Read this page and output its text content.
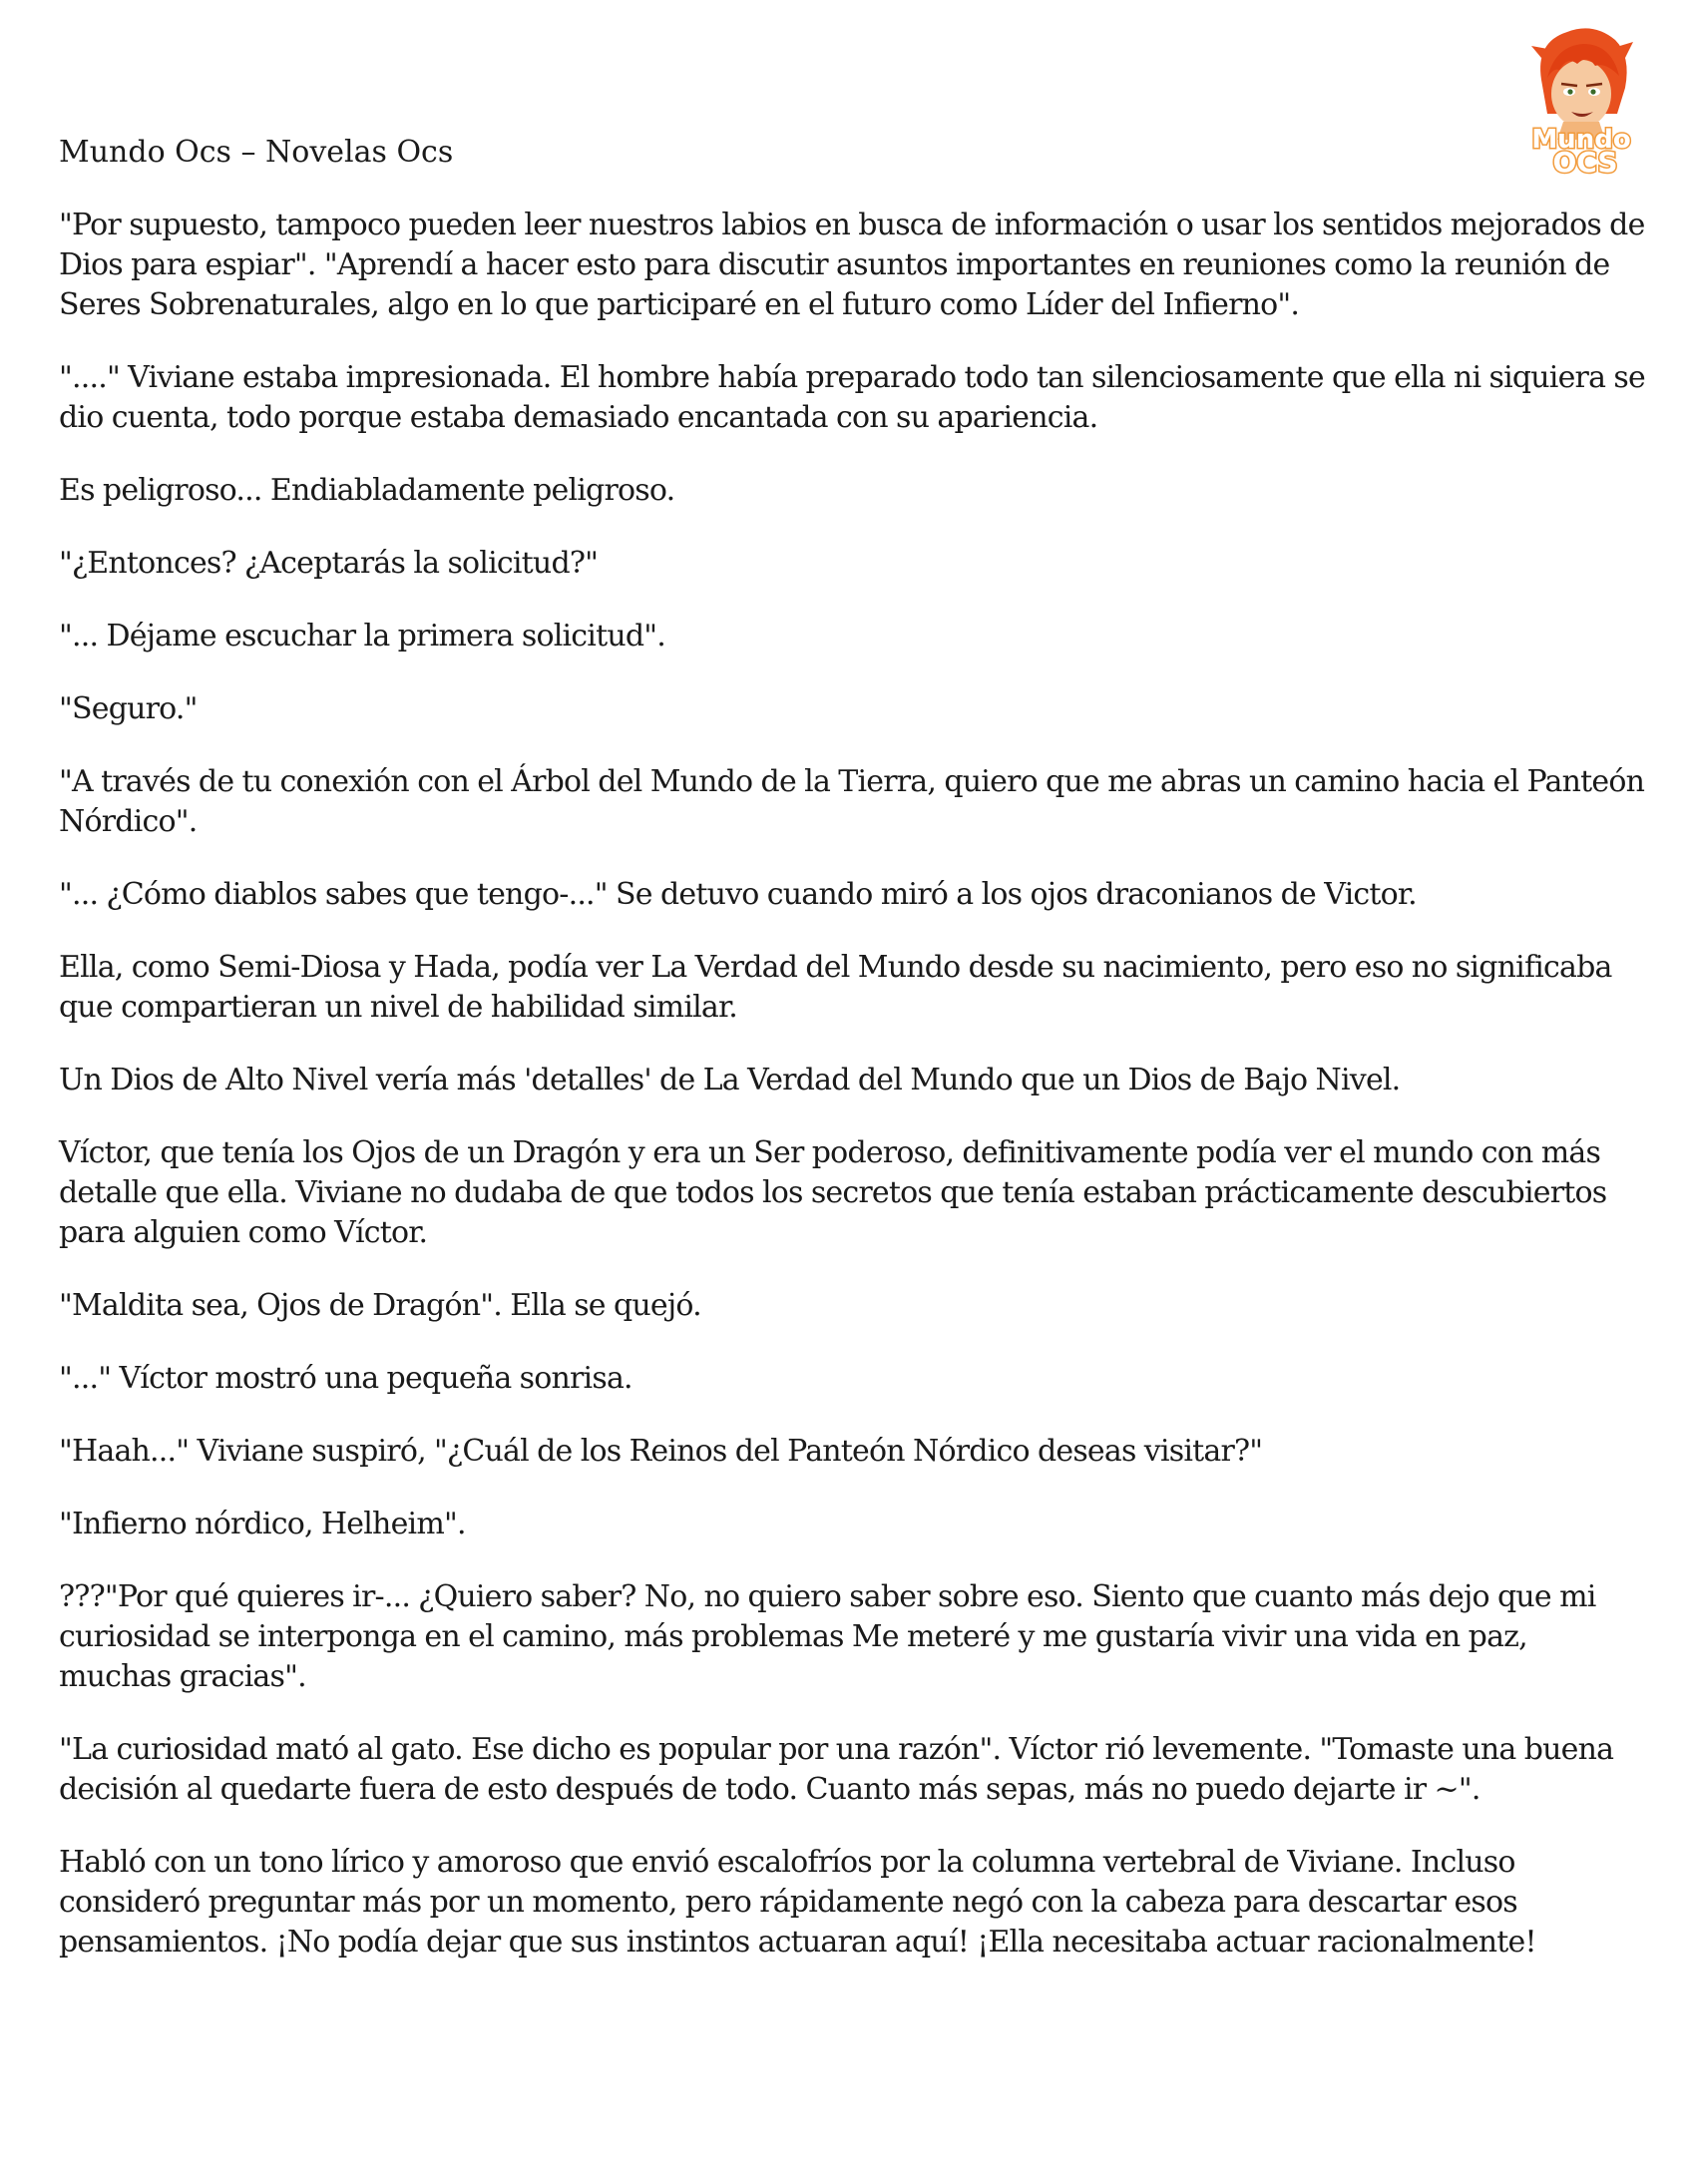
Mundo
OCS
Mundo Ocs – Novelas Ocs

"Por supuesto, tampoco pueden leer nuestros labios en busca de información o usar los sentidos mejorados de Dios para espiar". "Aprendí a hacer esto para discutir asuntos importantes en reuniones como la reunión de Seres Sobrenaturales, algo en lo que participaré en el futuro como Líder del Infierno".

"...." Viviane estaba impresionada. El hombre había preparado todo tan silenciosamente que ella ni siquiera se dio cuenta, todo porque estaba demasiado encantada con su apariencia.

Es peligroso... Endiabladamente peligroso.

"¿Entonces? ¿Aceptarás la solicitud?"

"... Déjame escuchar la primera solicitud".

"Seguro."

"A través de tu conexión con el Árbol del Mundo de la Tierra, quiero que me abras un camino hacia el Panteón Nórdico".

"... ¿Cómo diablos sabes que tengo-..." Se detuvo cuando miró a los ojos draconianos de Victor.

Ella, como Semi-Diosa y Hada, podía ver La Verdad del Mundo desde su nacimiento, pero eso no significaba que compartieran un nivel de habilidad similar.

Un Dios de Alto Nivel vería más 'detalles' de La Verdad del Mundo que un Dios de Bajo Nivel.

Víctor, que tenía los Ojos de un Dragón y era un Ser poderoso, definitivamente podía ver el mundo con más detalle que ella. Viviane no dudaba de que todos los secretos que tenía estaban prácticamente descubiertos para alguien como Víctor.

"Maldita sea, Ojos de Dragón". Ella se quejó.

"..." Víctor mostró una pequeña sonrisa.

"Haah..." Viviane suspiró, "¿Cuál de los Reinos del Panteón Nórdico deseas visitar?"

"Infierno nórdico, Helheim".

???"Por qué quieres ir-... ¿Quiero saber? No, no quiero saber sobre eso. Siento que cuanto más dejo que mi curiosidad se interponga en el camino, más problemas Me meteré y me gustaría vivir una vida en paz, muchas gracias".

"La curiosidad mató al gato. Ese dicho es popular por una razón". Víctor rió levemente. "Tomaste una buena decisión al quedarte fuera de esto después de todo. Cuanto más sepas, más no puedo dejarte ir ~".

Habló con un tono lírico y amoroso que envió escalofríos por la columna vertebral de Viviane. Incluso consideró preguntar más por un momento, pero rápidamente negó con la cabeza para descartar esos pensamientos. ¡No podía dejar que sus instintos actuaran aquí! ¡Ella necesitaba actuar racionalmente!
